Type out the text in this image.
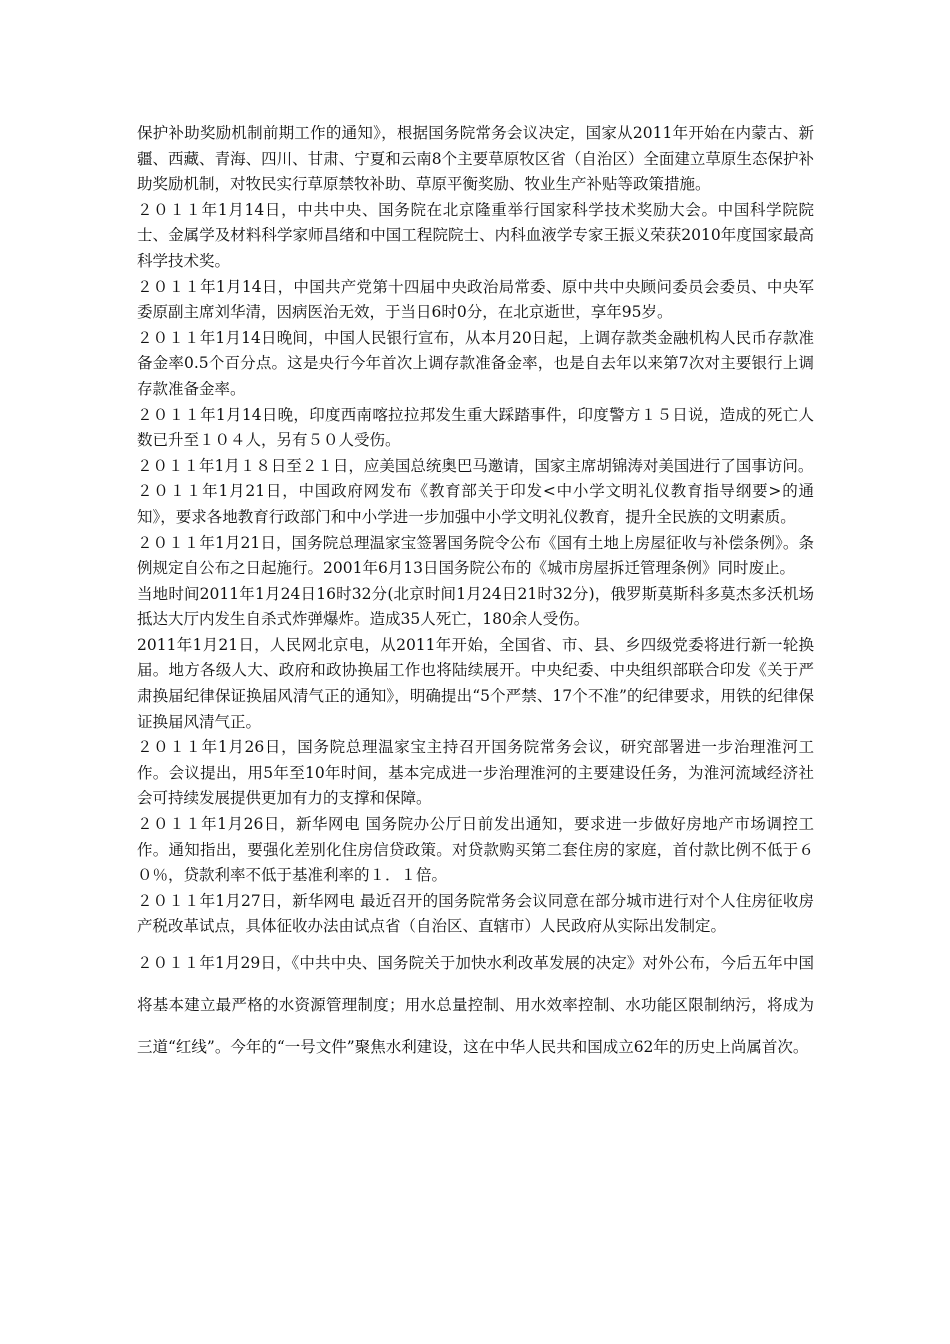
保护补助奖励机制前期工作的通知》，根据国务院常务会议决定，国家从2011年开始在内蒙古、新疆、西藏、青海、四川、甘肃、宁夏和云南8个主要草原牧区省（自治区）全面建立草原生态保护补助奖励机制，对牧民实行草原禁牧补助、草原平衡奖励、牧业生产补贴等政策措施。

２０１１年1月14日，中共中央、国务院在北京隆重举行国家科学技术奖励大会。中国科学院院士、金属学及材料科学家师昌绪和中国工程院院士、内科血液学专家王振义荣获2010年度国家最高科学技术奖。

２０１１年1月14日，中国共产党第十四届中央政治局常委、原中共中央顾问委员会委员、中央军委原副主席刘华清，因病医治无效，于当日6时0分，在北京逝世，享年95岁。

２０１１年1月14日晚间，中国人民银行宣布，从本月20日起，上调存款类金融机构人民币存款准备金率0.5个百分点。这是央行今年首次上调存款准备金率，也是自去年以来第7次对主要银行上调存款准备金率。

２０１１年1月14日晚，印度西南喀拉拉邦发生重大踩踏事件，印度警方１５日说，造成的死亡人数已升至１０４人，另有５０人受伤。

２０１１年1月１８日至２１日，应美国总统奥巴马邀请，国家主席胡锦涛对美国进行了国事访问。

２０１１年1月21日，中国政府网发布《教育部关于印发<中小学文明礼仪教育指导纲要>的通知》，要求各地教育行政部门和中小学进一步加强中小学文明礼仪教育，提升全民族的文明素质。

２０１１年1月21日，国务院总理温家宝签署国务院令公布《国有土地上房屋征收与补偿条例》。条例规定自公布之日起施行。2001年6月13日国务院公布的《城市房屋拆迁管理条例》同时废止。

当地时间2011年1月24日16时32分(北京时间1月24日21时32分)，俄罗斯莫斯科多莫杰多沃机场抵达大厅内发生自杀式炸弹爆炸。造成35人死亡，180余人受伤。

2011年1月21日，人民网北京电，从2011年开始，全国省、市、县、乡四级党委将进行新一轮换届。地方各级人大、政府和政协换届工作也将陆续展开。中央纪委、中央组织部联合印发《关于严肃换届纪律保证换届风清气正的通知》，明确提出“5个严禁、17个不准”的纪律要求，用铁的纪律保证换届风清气正。

２０１１年1月26日，国务院总理温家宝主持召开国务院常务会议，研究部署进一步治理淮河工作。会议提出，用5年至10年时间，基本完成进一步治理淮河的主要建设任务，为淮河流域经济社会可持续发展提供更加有力的支撑和保障。

２０１１年1月26日，新华网电 国务院办公厅日前发出通知，要求进一步做好房地产市场调控工作。通知指出，要强化差别化住房信贷政策。对贷款购买第二套住房的家庭，首付款比例不低于６０％，贷款利率不低于基准利率的１．１倍。

２０１１年1月27日，新华网电 最近召开的国务院常务会议同意在部分城市进行对个人住房征收房产税改革试点，具体征收办法由试点省（自治区、直辖市）人民政府从实际出发制定。

２０１１年1月29日，《中共中央、国务院关于加快水利改革发展的决定》对外公布，今后五年中国将基本建立最严格的水资源管理制度；用水总量控制、用水效率控制、水功能区限制纳污，将成为三道“红线”。今年的“一号文件”聚焦水利建设，这在中华人民共和国成立62年的历史上尚属首次。
